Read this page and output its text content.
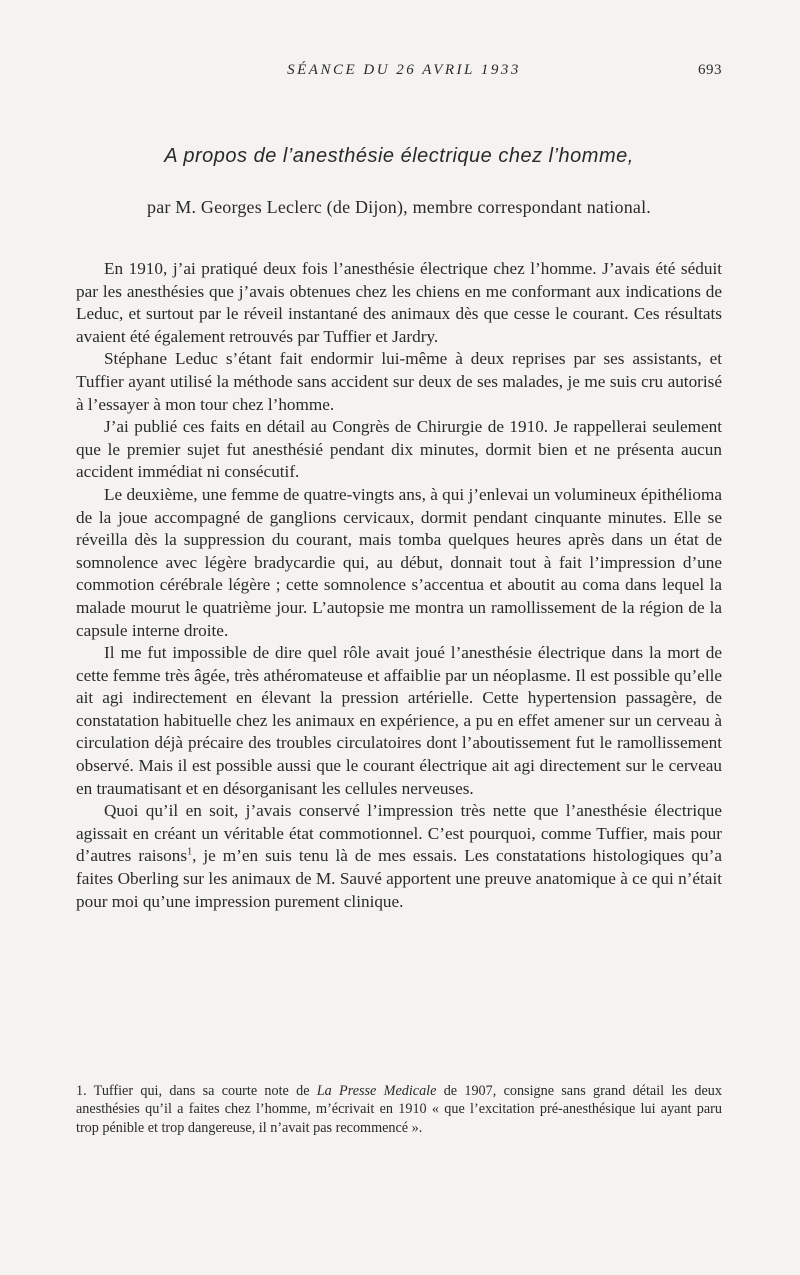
SÉANCE DU 26 AVRIL 1933	693
A propos de l’anesthésie électrique chez l’homme,

par M. Georges Leclerc (de Dijon), membre correspondant national.

En 1910, j’ai pratiqué deux fois l’anesthésie électrique chez l’homme. J’avais été séduit par les anesthésies que j’avais obtenues chez les chiens en me conformant aux indications de Leduc, et surtout par le réveil instantané des animaux dès que cesse le courant. Ces résultats avaient été également retrouvés par Tuffier et Jardry.

Stéphane Leduc s’étant fait endormir lui-même à deux reprises par ses assistants, et Tuffier ayant utilisé la méthode sans accident sur deux de ses malades, je me suis cru autorisé à l’essayer à mon tour chez l’homme.

J’ai publié ces faits en détail au Congrès de Chirurgie de 1910. Je rappellerai seulement que le premier sujet fut anesthésié pendant dix minutes, dormit bien et ne présenta aucun accident immédiat ni consécutif.

Le deuxième, une femme de quatre-vingts ans, à qui j’enlevai un volumineux épithélioma de la joue accompagné de ganglions cervicaux, dormit pendant cinquante minutes. Elle se réveilla dès la suppression du courant, mais tomba quelques heures après dans un état de somnolence avec légère bradycardie qui, au début, donnait tout à fait l’impression d’une commotion cérébrale légère ; cette somnolence s’accentua et aboutit au coma dans lequel la malade mourut le quatrième jour. L’autopsie me montra un ramollissement de la région de la capsule interne droite.

Il me fut impossible de dire quel rôle avait joué l’anesthésie électrique dans la mort de cette femme très âgée, très athéromateuse et affaiblie par un néoplasme. Il est possible qu’elle ait agi indirectement en élevant la pression artérielle. Cette hypertension passagère, de constatation habituelle chez les animaux en expérience, a pu en effet amener sur un cerveau à circulation déjà précaire des troubles circulatoires dont l’aboutissement fut le ramollissement observé. Mais il est possible aussi que le courant électrique ait agi directement sur le cerveau en traumatisant et en désorganisant les cellules nerveuses.

Quoi qu’il en soit, j’avais conservé l’impression très nette que l’anesthésie électrique agissait en créant un véritable état commotionnel. C’est pourquoi, comme Tuffier, mais pour d’autres raisons$^1$, je m’en suis tenu là de mes essais. Les constatations histologiques qu’a faites Oberling sur les animaux de M. Sauvé apportent une preuve anatomique à ce qui n’était pour moi qu’une impression purement clinique.

1. Tuffier qui, dans sa courte note de La Presse Medicale de 1907, consigne sans grand détail les deux anesthésies qu’il a faites chez l’homme, m’écrivait en 1910 « que l’excitation pré-anesthésique lui ayant paru trop pénible et trop dangereuse, il n’avait pas recommencé ».
